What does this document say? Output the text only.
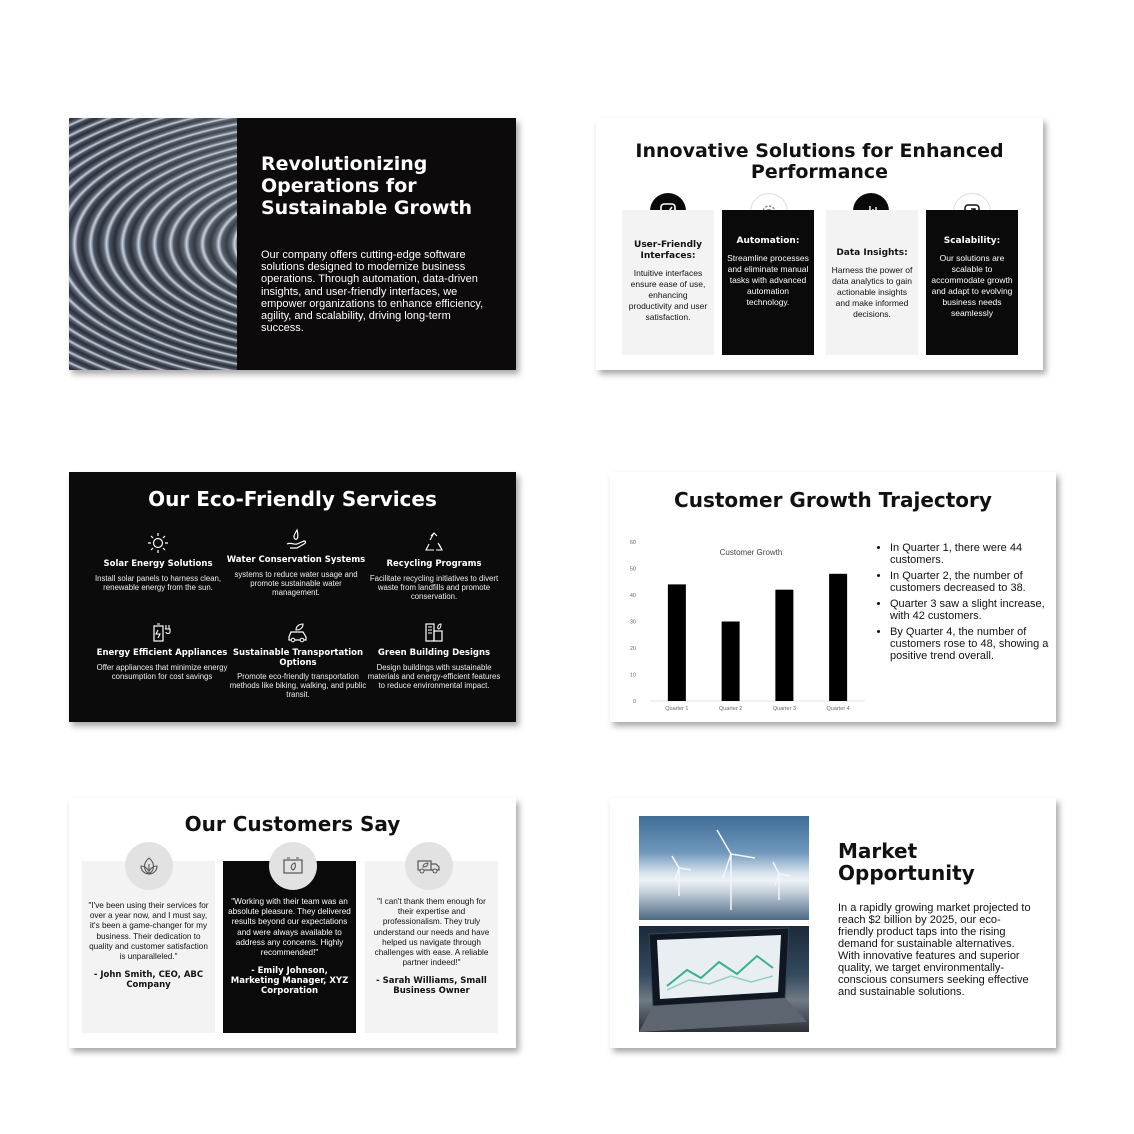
Revolutionizing Operations for Sustainable Growth
Our company offers cutting-edge software solutions designed to modernize business operations. Through automation, data-driven insights, and user-friendly interfaces, we empower organizations to enhance efficiency, agility, and scalability, driving long-term success.
Innovative Solutions for Enhanced Performance
User-Friendly Interfaces:
Intuitive interfaces ensure ease of use, enhancing productivity and user satisfaction.
Automation:
Streamline processes and eliminate manual tasks with advanced automation technology.
Data Insights:
Harness the power of data analytics to gain actionable insights and make informed decisions.
Scalability:
Our solutions are scalable to accommodate growth and adapt to evolving business needs seamlessly
Our Eco-Friendly Services
Solar Energy Solutions
Install solar panels to harness clean, renewable energy from the sun.
Water Conservation Systems
systems to reduce water usage and promote sustainable water management.
Recycling Programs
Facilitate recycling initiatives to divert waste from landfills and promote conservation.
Energy Efficient Appliances
Offer appliances that minimize energy consumption for cost savings
Sustainable Transportation Options
Promote eco-friendly transportation methods like biking, walking, and public transit.
Green Building Designs
Design buildings with sustainable materials and energy-efficient features to reduce environmental impact.
Customer Growth Trajectory
Customer Growth
0
10
20
30
40
50
60
Quarter 1	Quarter 2	Quarter 3	Quarter 4
• In Quarter 1, there were 44 customers.
• In Quarter 2, the number of customers decreased to 38.
• Quarter 3 saw a slight increase, with 42 customers.
• By Quarter 4, the number of customers rose to 48, showing a positive trend overall.
Our Customers Say
"I've been using their services for over a year now, and I must say, it's been a game-changer for my business. Their dedication to quality and customer satisfaction is unparalleled."
- John Smith, CEO, ABC Company
"Working with their team was an absolute pleasure. They delivered results beyond our expectations and were always available to address any concerns. Highly recommended!"
- Emily Johnson, Marketing Manager, XYZ Corporation
"I can't thank them enough for their expertise and professionalism. They truly understand our needs and have helped us navigate through challenges with ease. A reliable partner indeed!"
- Sarah Williams, Small Business Owner
Market Opportunity
In a rapidly growing market projected to reach $2 billion by 2025, our eco-friendly product taps into the rising demand for sustainable alternatives. With innovative features and superior quality, we target environmentally-conscious consumers seeking effective and sustainable solutions.
